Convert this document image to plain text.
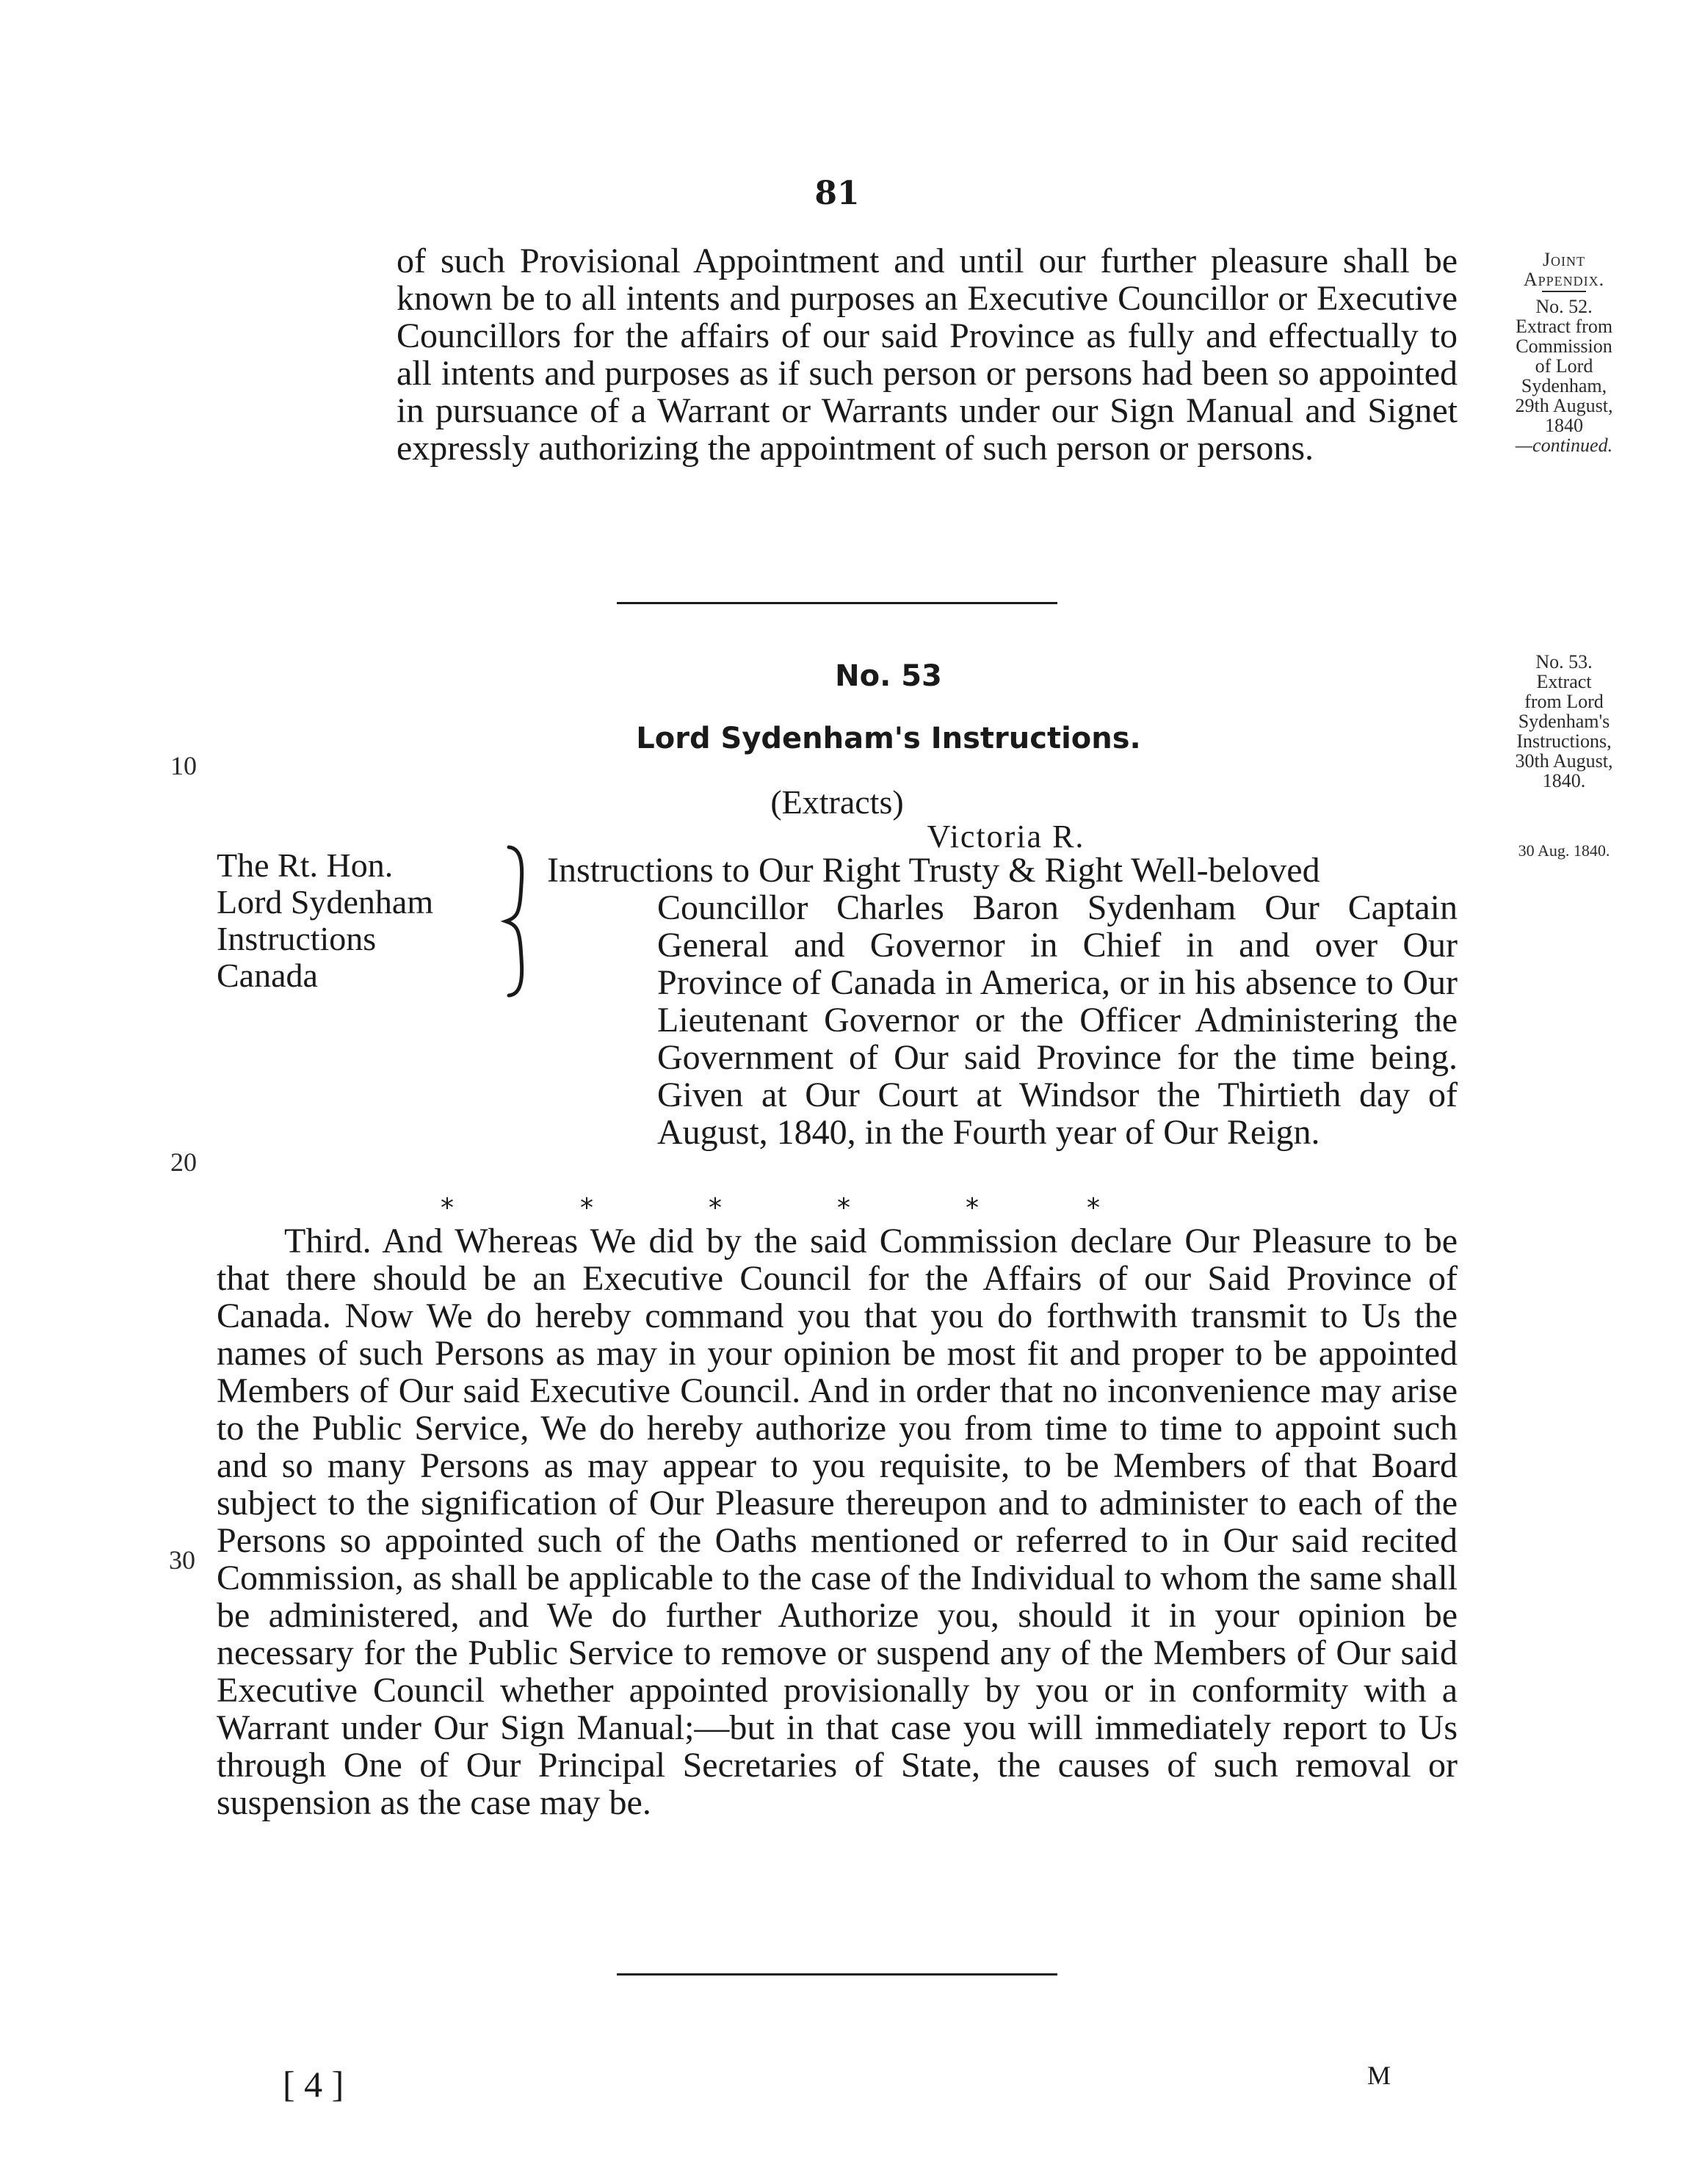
81

of such Provisional Appointment and until our further pleasure shall be known be to all intents and purposes an Executive Councillor or Executive Councillors for the affairs of our said Province as fully and effectually to all intents and purposes as if such person or persons had been so appointed in pursuance of a Warrant or Warrants under our Sign Manual and Signet expressly authorizing the appointment of such person or persons.

Joint
Appendix.
No. 52.
Extract from
Commission
of Lord
Sydenham,
29th August,
1840
—continued.
No. 53
Lord Sydenham's Instructions.
(Extracts)
Victoria R.
No. 53.
Extract
from Lord
Sydenham's
Instructions,
30th August,
1840.
30 Aug. 1840.
10
20
30
The Rt. Hon.
Lord Sydenham
Instructions
Canada
Instructions to Our Right Trusty & Right Well-beloved

Councillor Charles Baron Sydenham Our Captain General and Governor in Chief in and over Our Province of Canada in America, or in his absence to Our Lieutenant Governor or the Officer Administering the Government of Our said Province for the time being. Given at Our Court at Windsor the Thirtieth day of August, 1840, in the Fourth year of Our Reign.

*	*	*	*	*	*

Third. And Whereas We did by the said Commission declare Our Pleasure to be that there should be an Executive Council for the Affairs of our Said Province of Canada. Now We do hereby command you that you do forthwith transmit to Us the names of such Persons as may in your opinion be most fit and proper to be appointed Members of Our said Executive Council. And in order that no inconvenience may arise to the Public Service, We do hereby authorize you from time to time to appoint such and so many Persons as may appear to you requisite, to be Members of that Board subject to the signification of Our Pleasure thereupon and to administer to each of the Persons so appointed such of the Oaths mentioned or referred to in Our said recited Commission, as shall be applicable to the case of the Individual to whom the same shall be administered, and We do further Authorize you, should it in your opinion be necessary for the Public Service to remove or suspend any of the Members of Our said Executive Council whether appointed provisionally by you or in conformity with a Warrant under Our Sign Manual;—but in that case you will immediately report to Us through One of Our Principal Secretaries of State, the causes of such removal or suspension as the case may be.

[ 4 ]	M
